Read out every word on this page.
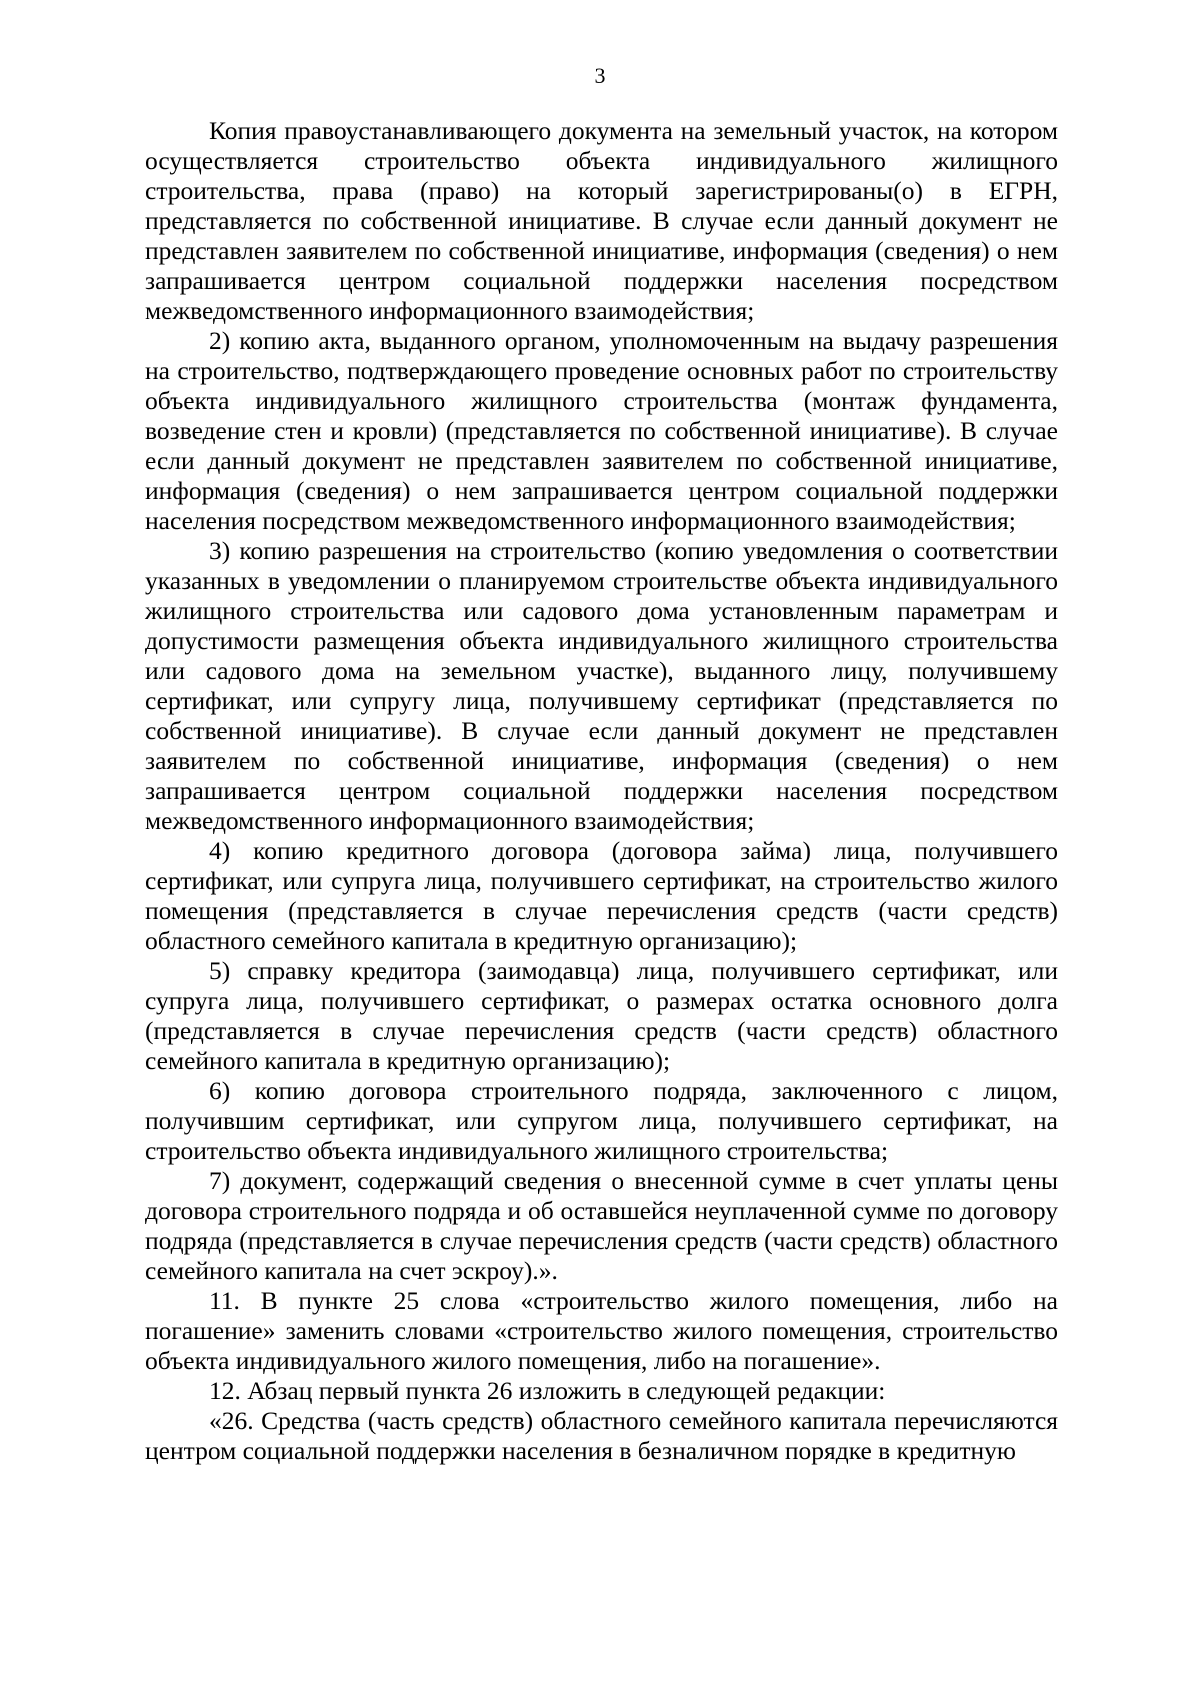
3

Копия правоустанавливающего документа на земельный участок, на котором осуществляется строительство объекта индивидуального жилищного строительства, права (право) на который зарегистрированы(о) в ЕГРН, представляется по собственной инициативе. В случае если данный документ не представлен заявителем по собственной инициативе, информация (сведения) о нем запрашивается центром социальной поддержки населения посредством межведомственного информационного взаимодействия;

2) копию акта, выданного органом, уполномоченным на выдачу разрешения на строительство, подтверждающего проведение основных работ по строительству объекта индивидуального жилищного строительства (монтаж фундамента, возведение стен и кровли) (представляется по собственной инициативе). В случае если данный документ не представлен заявителем по собственной инициативе, информация (сведения) о нем запрашивается центром социальной поддержки населения посредством межведомственного информационного взаимодействия;

3) копию разрешения на строительство (копию уведомления о соответствии указанных в уведомлении о планируемом строительстве объекта индивидуального жилищного строительства или садового дома установленным параметрам и допустимости размещения объекта индивидуального жилищного строительства или садового дома на земельном участке), выданного лицу, получившему сертификат, или супругу лица, получившему сертификат (представляется по собственной инициативе). В случае если данный документ не представлен заявителем по собственной инициативе, информация (сведения) о нем запрашивается центром социальной поддержки населения посредством межведомственного информационного взаимодействия;

4) копию кредитного договора (договора займа) лица, получившего сертификат, или супруга лица, получившего сертификат, на строительство жилого помещения (представляется в случае перечисления средств (части средств) областного семейного капитала в кредитную организацию);

5) справку кредитора (заимодавца) лица, получившего сертификат, или супруга лица, получившего сертификат, о размерах остатка основного долга (представляется в случае перечисления средств (части средств) областного семейного капитала в кредитную организацию);

6) копию договора строительного подряда, заключенного с лицом, получившим сертификат, или супругом лица, получившего сертификат, на строительство объекта индивидуального жилищного строительства;

7) документ, содержащий сведения о внесенной сумме в счет уплаты цены договора строительного подряда и об оставшейся неуплаченной сумме по договору подряда (представляется в случае перечисления средств (части средств) областного семейного капитала на счет эскроу).».

11. В пункте 25 слова «строительство жилого помещения, либо на погашение» заменить словами «строительство жилого помещения, строительство объекта индивидуального жилого помещения, либо на погашение».

12. Абзац первый пункта 26 изложить в следующей редакции:

«26. Средства (часть средств) областного семейного капитала перечисляются центром социальной поддержки населения в безналичном порядке в кредитную
